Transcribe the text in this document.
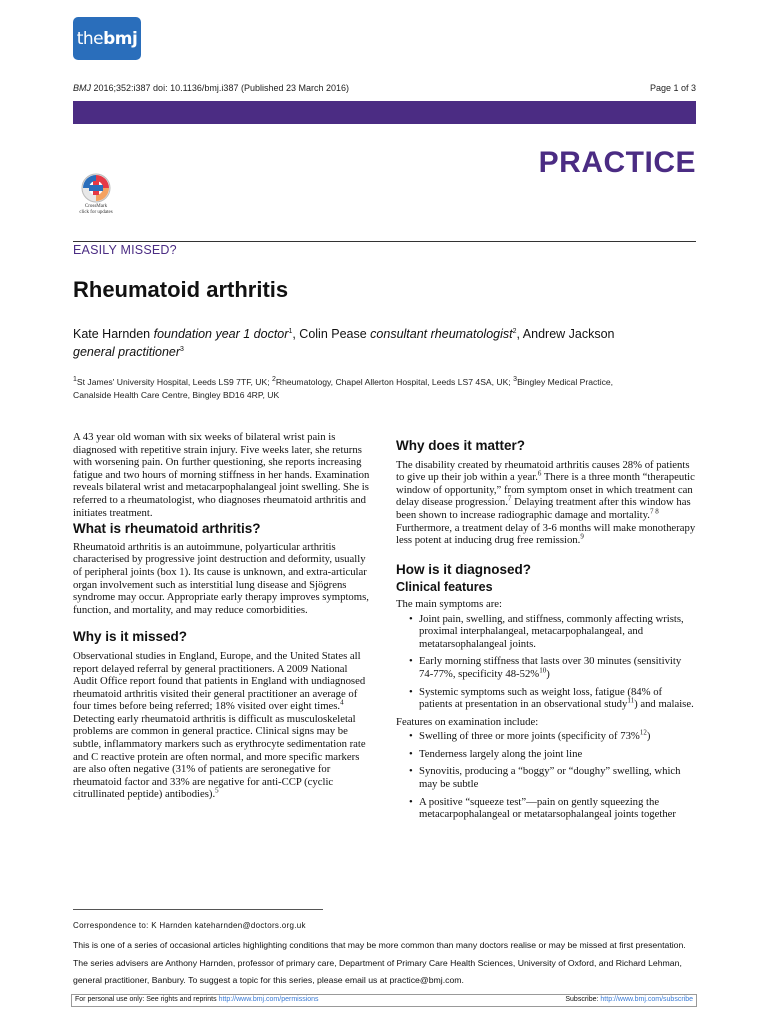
the bmj
BMJ 2016;352:i387 doi: 10.1136/bmj.i387 (Published 23 March 2016)	Page 1 of 3
PRACTICE
CrossMark
click for updates
EASILY MISSED?
Rheumatoid arthritis
Kate Harnden foundation year 1 doctor$^1$, Colin Pease consultant rheumatologist$^2$, Andrew Jackson
general practitioner$^3$
$^1$St James' University Hospital, Leeds LS9 7TF, UK; $^2$Rheumatology, Chapel Allerton Hospital, Leeds LS7 4SA, UK; $^3$Bingley Medical Practice,
Canalside Health Care Centre, Bingley BD16 4RP, UK

A 43 year old woman with six weeks of bilateral wrist pain is diagnosed with repetitive strain injury. Five weeks later, she returns with worsening pain. On further questioning, she reports increasing fatigue and two hours of morning stiffness in her hands. Examination reveals bilateral wrist and metacarpophalangeal joint swelling. She is referred to a rheumatologist, who diagnoses rheumatoid arthritis and initiates treatment.

What is rheumatoid arthritis?

Rheumatoid arthritis is an autoimmune, polyarticular arthritis characterised by progressive joint destruction and deformity, usually of peripheral joints (box 1). Its cause is unknown, and extra-articular organ involvement such as interstitial lung disease and Sjögrens syndrome may occur. Appropriate early therapy improves symptoms, function, and mortality, and may reduce comorbidities.

Why is it missed?

Observational studies in England, Europe, and the United States all report delayed referral by general practitioners. A 2009 National Audit Office report found that patients in England with undiagnosed rheumatoid arthritis visited their general practitioner an average of four times before being referred; 18% visited over eight times.$^4$ Detecting early rheumatoid arthritis is difficult as musculoskeletal problems are common in general practice. Clinical signs may be subtle, inflammatory markers such as erythrocyte sedimentation rate and C reactive protein are often normal, and more specific markers are also often negative (31% of patients are seronegative for rheumatoid factor and 33% are negative for anti-CCP (cyclic citrullinated peptide) antibodies).$^5$

Why does it matter?

The disability created by rheumatoid arthritis causes 28% of patients to give up their job within a year.$^6$ There is a three month “therapeutic window of opportunity,” from symptom onset in which treatment can delay disease progression.$^7$ Delaying treatment after this window has been shown to increase radiographic damage and mortality.$^{7 8}$ Furthermore, a treatment delay of 3-6 months will make monotherapy less potent at inducing drug free remission.$^9$

How is it diagnosed?
Clinical features

The main symptoms are:

• Joint pain, swelling, and stiffness, commonly affecting wrists, proximal interphalangeal, metacarpophalangeal, and metatarsophalangeal joints.
• Early morning stiffness that lasts over 30 minutes (sensitivity 74-77%, specificity 48-52%$^{10}$)
• Systemic symptoms such as weight loss, fatigue (84% of patients at presentation in an observational study$^{11}$) and malaise.

Features on examination include:

• Swelling of three or more joints (specificity of 73%$^{12}$)
• Tenderness largely along the joint line
• Synovitis, producing a “boggy” or “doughy” swelling, which may be subtle
• A positive “squeeze test”—pain on gently squeezing the metacarpophalangeal or metatarsophalangeal joints together
Correspondence to: K Harnden kateharnden@doctors.org.uk
This is one of a series of occasional articles highlighting conditions that may be more common than many doctors realise or may be missed at first presentation. The series advisers are Anthony Harnden, professor of primary care, Department of Primary Care Health Sciences, University of Oxford, and Richard Lehman, general practitioner, Banbury. To suggest a topic for this series, please email us at practice@bmj.com.
For personal use only: See rights and reprints http://www.bmj.com/permissions	Subscribe: http://www.bmj.com/subscribe
